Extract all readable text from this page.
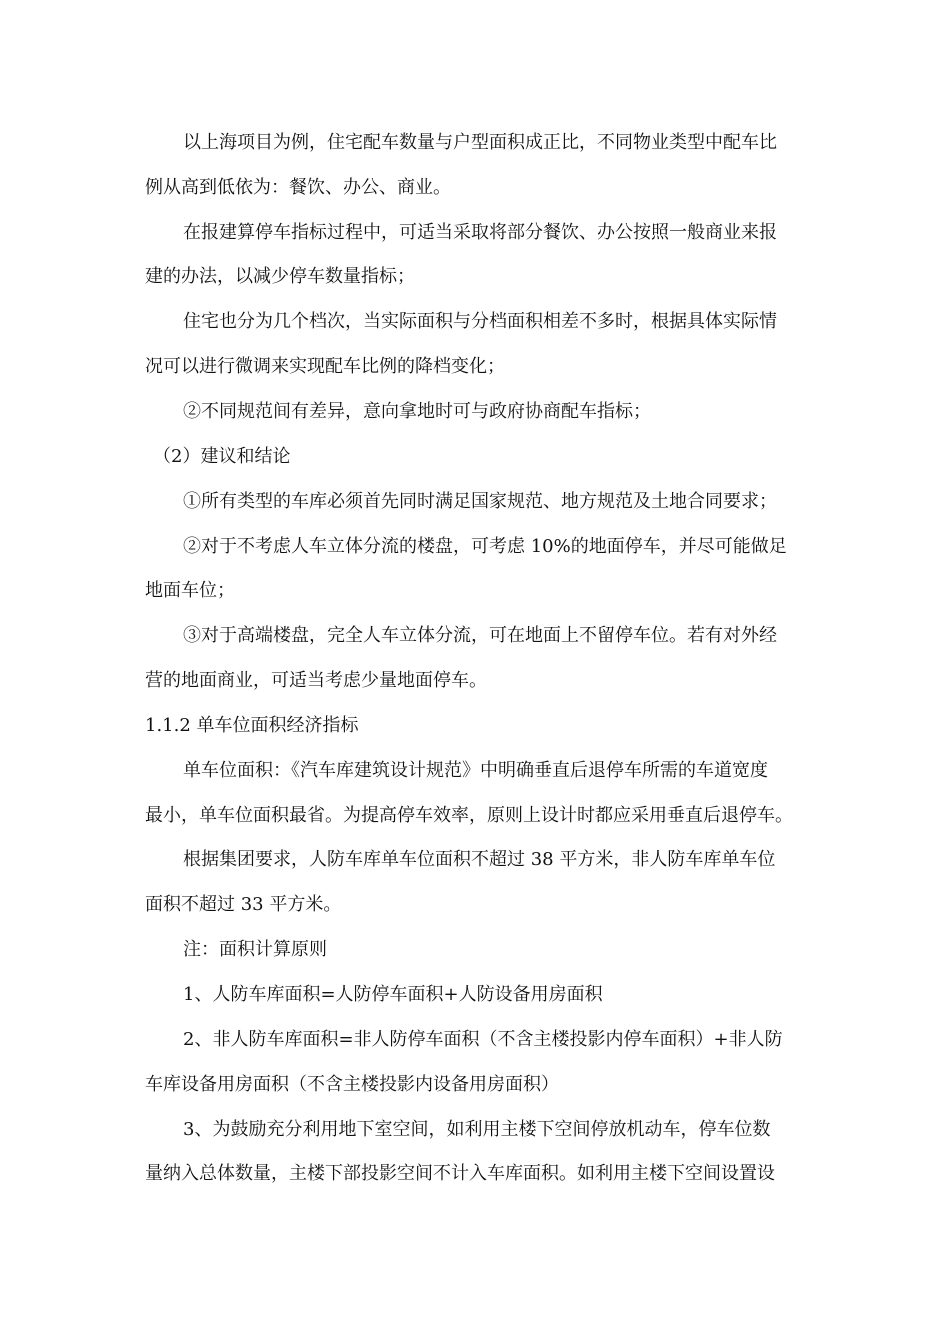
以上海项目为例，住宅配车数量与户型面积成正比，不同物业类型中配车比

例从高到低依为：餐饮、办公、商业。

在报建算停车指标过程中，可适当采取将部分餐饮、办公按照一般商业来报

建的办法，以减少停车数量指标；

住宅也分为几个档次，当实际面积与分档面积相差不多时，根据具体实际情

况可以进行微调来实现配车比例的降档变化；

②不同规范间有差异，意向拿地时可与政府协商配车指标；

（2）建议和结论

①所有类型的车库必须首先同时满足国家规范、地方规范及土地合同要求；

②对于不考虑人车立体分流的楼盘，可考虑 10%的地面停车，并尽可能做足

地面车位；

③对于高端楼盘，完全人车立体分流，可在地面上不留停车位。若有对外经

营的地面商业，可适当考虑少量地面停车。

1.1.2 单车位面积经济指标

单车位面积：《汽车库建筑设计规范》中明确垂直后退停车所需的车道宽度

最小，单车位面积最省。为提高停车效率，原则上设计时都应采用垂直后退停车。

根据集团要求，人防车库单车位面积不超过 38 平方米，非人防车库单车位

面积不超过 33 平方米。

注：面积计算原则

1、人防车库面积=人防停车面积+人防设备用房面积

2、非人防车库面积=非人防停车面积（不含主楼投影内停车面积）+非人防

车库设备用房面积（不含主楼投影内设备用房面积）

3、为鼓励充分利用地下室空间，如利用主楼下空间停放机动车，停车位数

量纳入总体数量，主楼下部投影空间不计入车库面积。如利用主楼下空间设置设
